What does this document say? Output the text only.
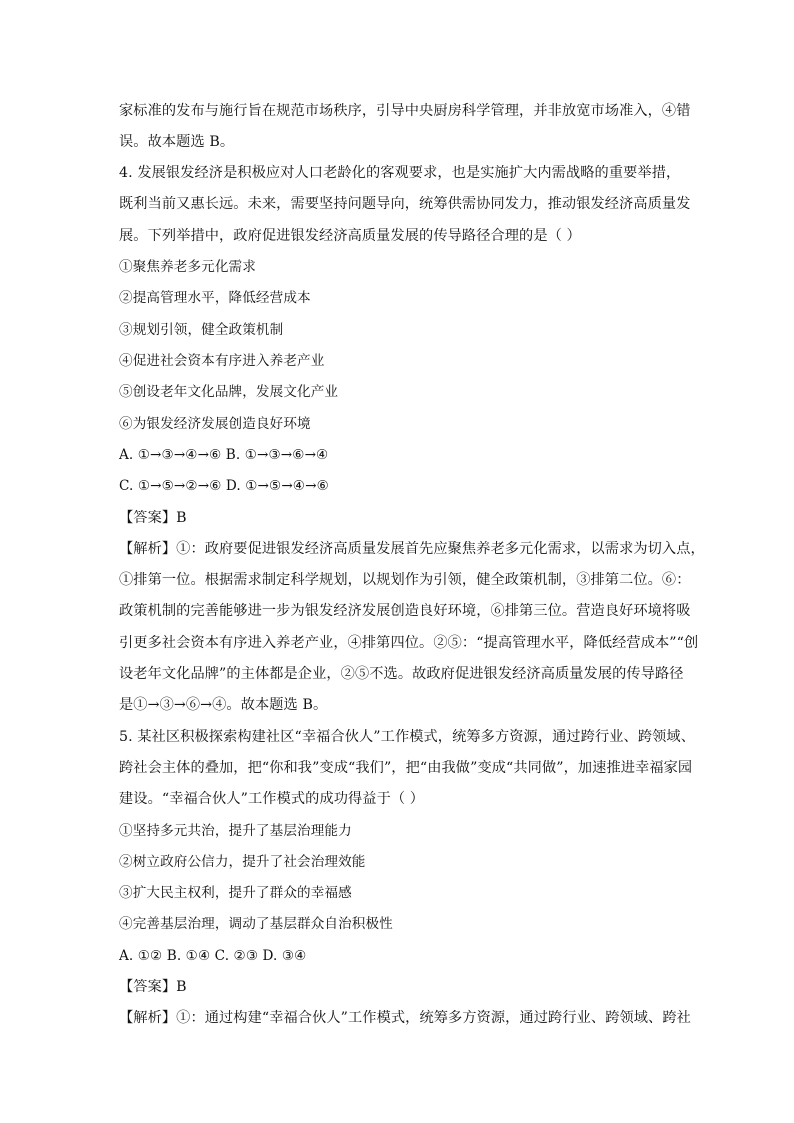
家标准的发布与施行旨在规范市场秩序，引导中央厨房科学管理，并非放宽市场准入，④错
误。故本题选 B。
4. 发展银发经济是积极应对人口老龄化的客观要求，也是实施扩大内需战略的重要举措，
既利当前又惠长远。未来，需要坚持问题导向，统筹供需协同发力，推动银发经济高质量发
展。下列举措中，政府促进银发经济高质量发展的传导路径合理的是（ ）
①聚焦养老多元化需求
②提高管理水平，降低经营成本
③规划引领，健全政策机制
④促进社会资本有序进入养老产业
⑤创设老年文化品牌，发展文化产业
⑥为银发经济发展创造良好环境
A. ①→③→④→⑥ B. ①→③→⑥→④
C. ①→⑤→②→⑥ D. ①→⑤→④→⑥
【答案】B
【解析】①：政府要促进银发经济高质量发展首先应聚焦养老多元化需求，以需求为切入点，
①排第一位。根据需求制定科学规划，以规划作为引领，健全政策机制，③排第二位。⑥：
政策机制的完善能够进一步为银发经济发展创造良好环境，⑥排第三位。营造良好环境将吸
引更多社会资本有序进入养老产业，④排第四位。②⑤：“提高管理水平，降低经营成本”“创
设老年文化品牌”的主体都是企业，②⑤不选。故政府促进银发经济高质量发展的传导路径
是①→③→⑥→④。故本题选 B。
5. 某社区积极探索构建社区“幸福合伙人”工作模式，统筹多方资源，通过跨行业、跨领域、
跨社会主体的叠加，把“你和我”变成“我们”，把“由我做”变成“共同做”，加速推进幸福家园
建设。“幸福合伙人”工作模式的成功得益于（ ）
①坚持多元共治，提升了基层治理能力
②树立政府公信力，提升了社会治理效能
③扩大民主权利，提升了群众的幸福感
④完善基层治理，调动了基层群众自治积极性
A. ①② B. ①④ C. ②③ D. ③④
【答案】B
【解析】①：通过构建“幸福合伙人”工作模式，统筹多方资源，通过跨行业、跨领域、跨社
